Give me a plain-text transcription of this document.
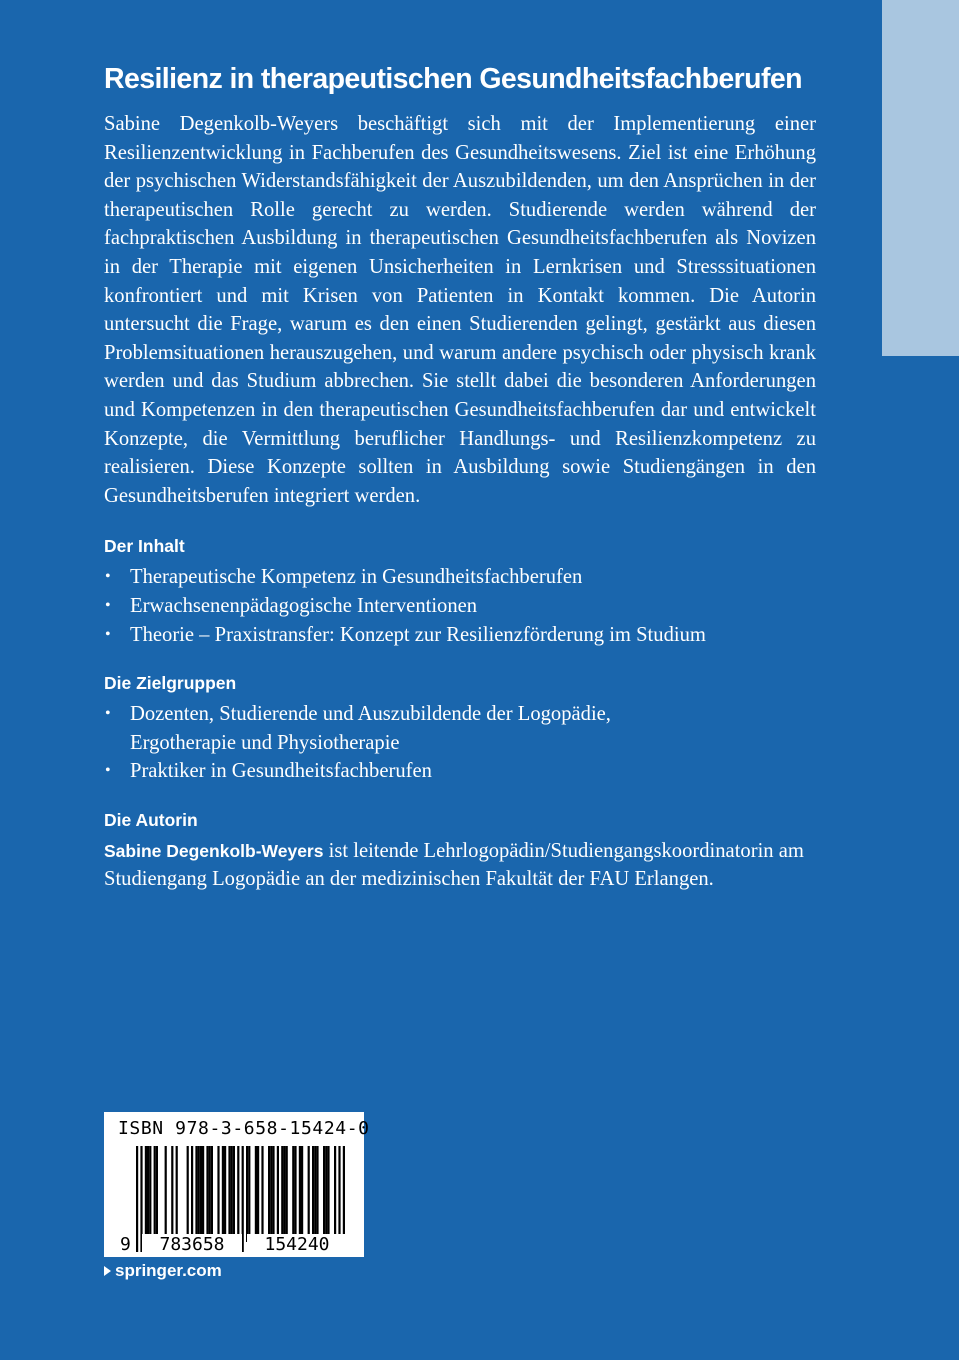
Resilienz in therapeutischen Gesundheitsfachberufen

Sabine Degenkolb-Weyers beschäftigt sich mit der Implementierung einer Resilienzentwicklung in Fachberufen des Gesundheitswesens. Ziel ist eine Erhöhung der psychischen Widerstandsfähigkeit der Auszubildenden, um den Ansprüchen in der therapeutischen Rolle gerecht zu werden. Studierende werden während der fachpraktischen Ausbildung in therapeutischen Gesundheitsfachberufen als Novizen in der Therapie mit eigenen Unsicherheiten in Lernkrisen und Stresssituationen konfrontiert und mit Krisen von Patienten in Kontakt kommen. Die Autorin untersucht die Frage, warum es den einen Studierenden gelingt, gestärkt aus diesen Problemsituationen herauszugehen, und warum andere psychisch oder physisch krank werden und das Studium abbrechen. Sie stellt dabei die besonderen Anforderungen und Kompetenzen in den therapeutischen Gesundheitsfachberufen dar und entwickelt Konzepte, die Vermittlung beruflicher Handlungs- und Resilienzkompetenz zu realisieren. Diese Konzepte sollten in Ausbildung sowie Studiengängen in den Gesundheitsberufen integriert werden.

Der Inhalt
• Therapeutische Kompetenz in Gesundheitsfachberufen
• Erwachsenenpädagogische Interventionen
• Theorie – Praxistransfer: Konzept zur Resilienzförderung im Studium
Die Zielgruppen
• Dozenten, Studierende und Auszubildende der Logopädie, Ergotherapie und Physiotherapie
• Praktiker in Gesundheitsfachberufen
Die Autorin

Sabine Degenkolb-Weyers ist leitende Lehrlogopädin/Studiengangskoordinatorin am Studiengang Logopädie an der medizinischen Fakultät der FAU Erlangen.

ISBN 978-3-658-15424-0
9	783658	154240
springer.com
